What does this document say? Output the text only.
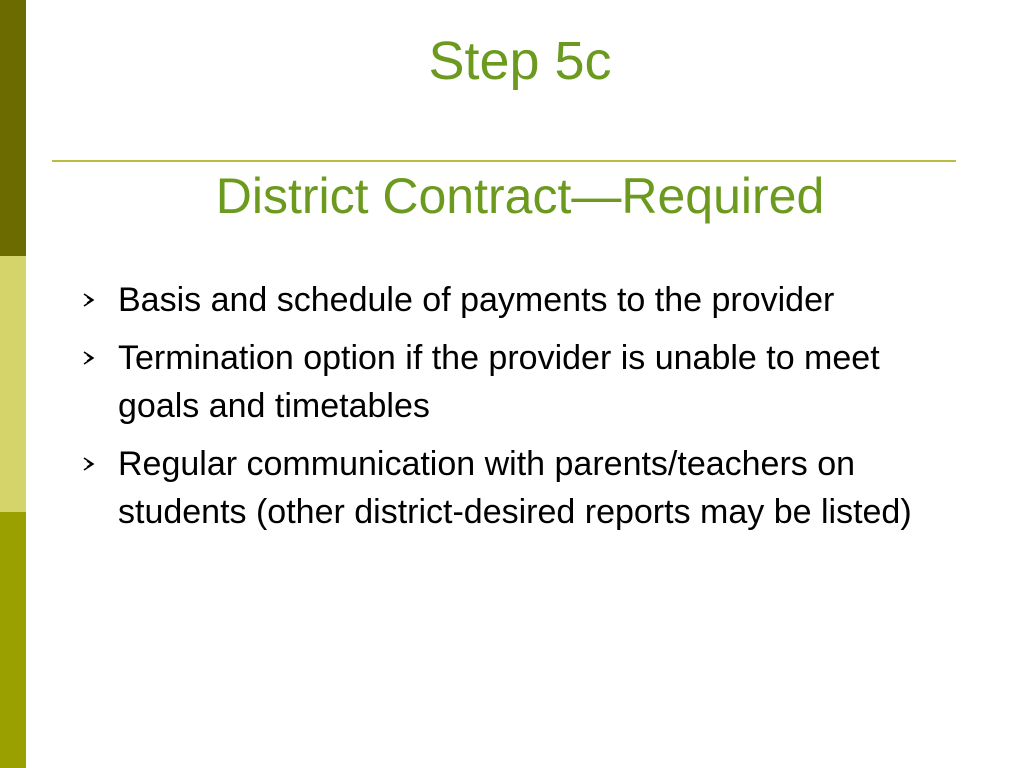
Step 5c
District Contract—Required
Basis and schedule of payments to the provider
Termination option if the provider is unable to meet goals and timetables
Regular communication with parents/teachers on students (other district-desired reports may be listed)
